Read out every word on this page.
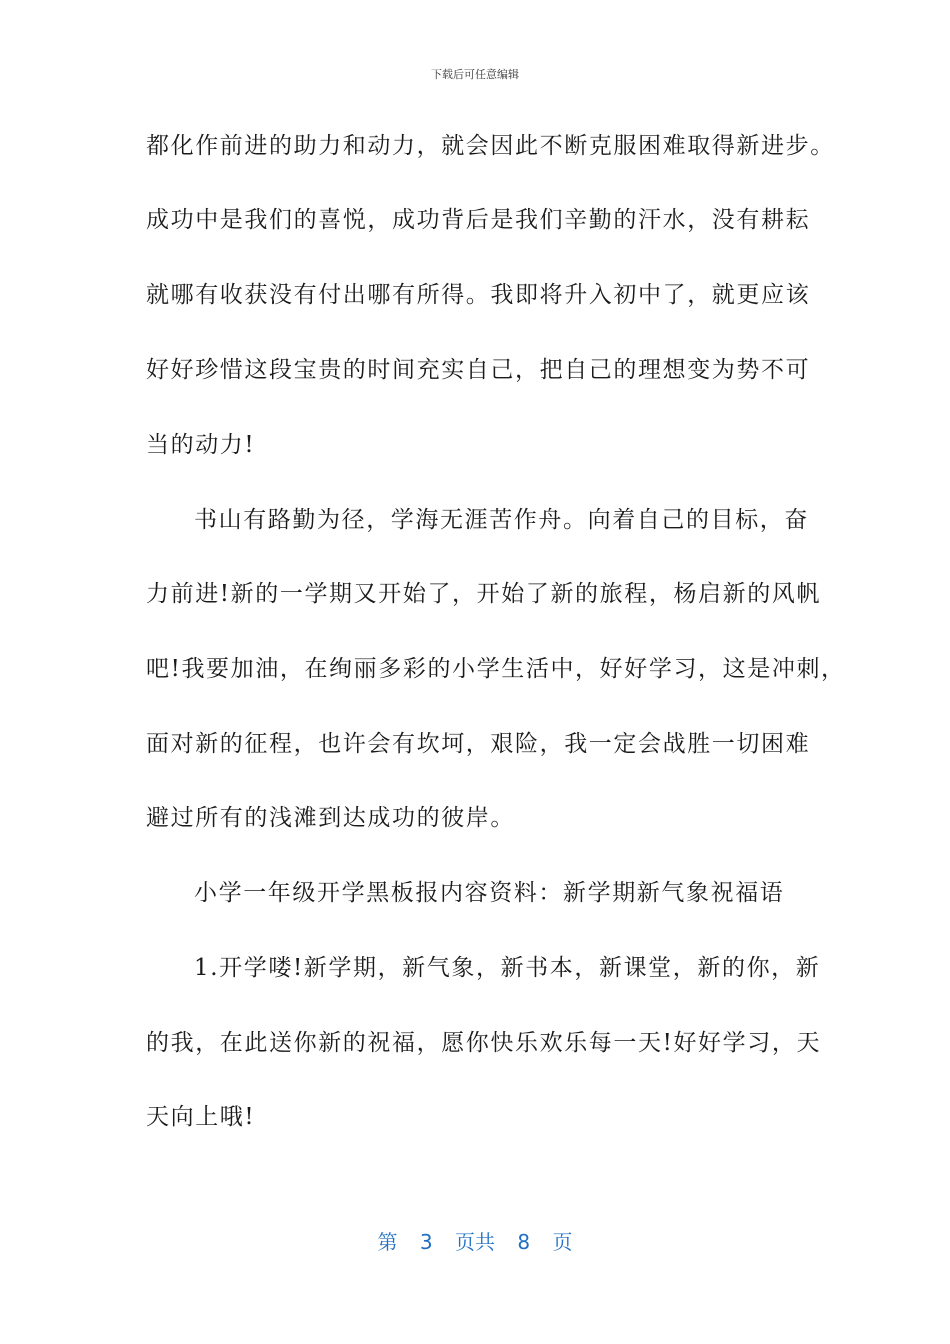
下载后可任意编辑
都化作前进的助力和动力，就会因此不断克服困难取得新进步。
成功中是我们的喜悦，成功背后是我们辛勤的汗水，没有耕耘
就哪有收获没有付出哪有所得。我即将升入初中了，就更应该
好好珍惜这段宝贵的时间充实自己，把自己的理想变为势不可
当的动力!
书山有路勤为径，学海无涯苦作舟。向着自己的目标，奋
力前进!新的一学期又开始了，开始了新的旅程，杨启新的风帆
吧!我要加油，在绚丽多彩的小学生活中，好好学习，这是冲刺，
面对新的征程，也许会有坎坷，艰险，我一定会战胜一切困难
避过所有的浅滩到达成功的彼岸。
小学一年级开学黑板报内容资料：新学期新气象祝福语
1.开学喽!新学期，新气象，新书本，新课堂，新的你，新
的我，在此送你新的祝福，愿你快乐欢乐每一天!好好学习，天
天向上哦!
第 3 页共 8 页
